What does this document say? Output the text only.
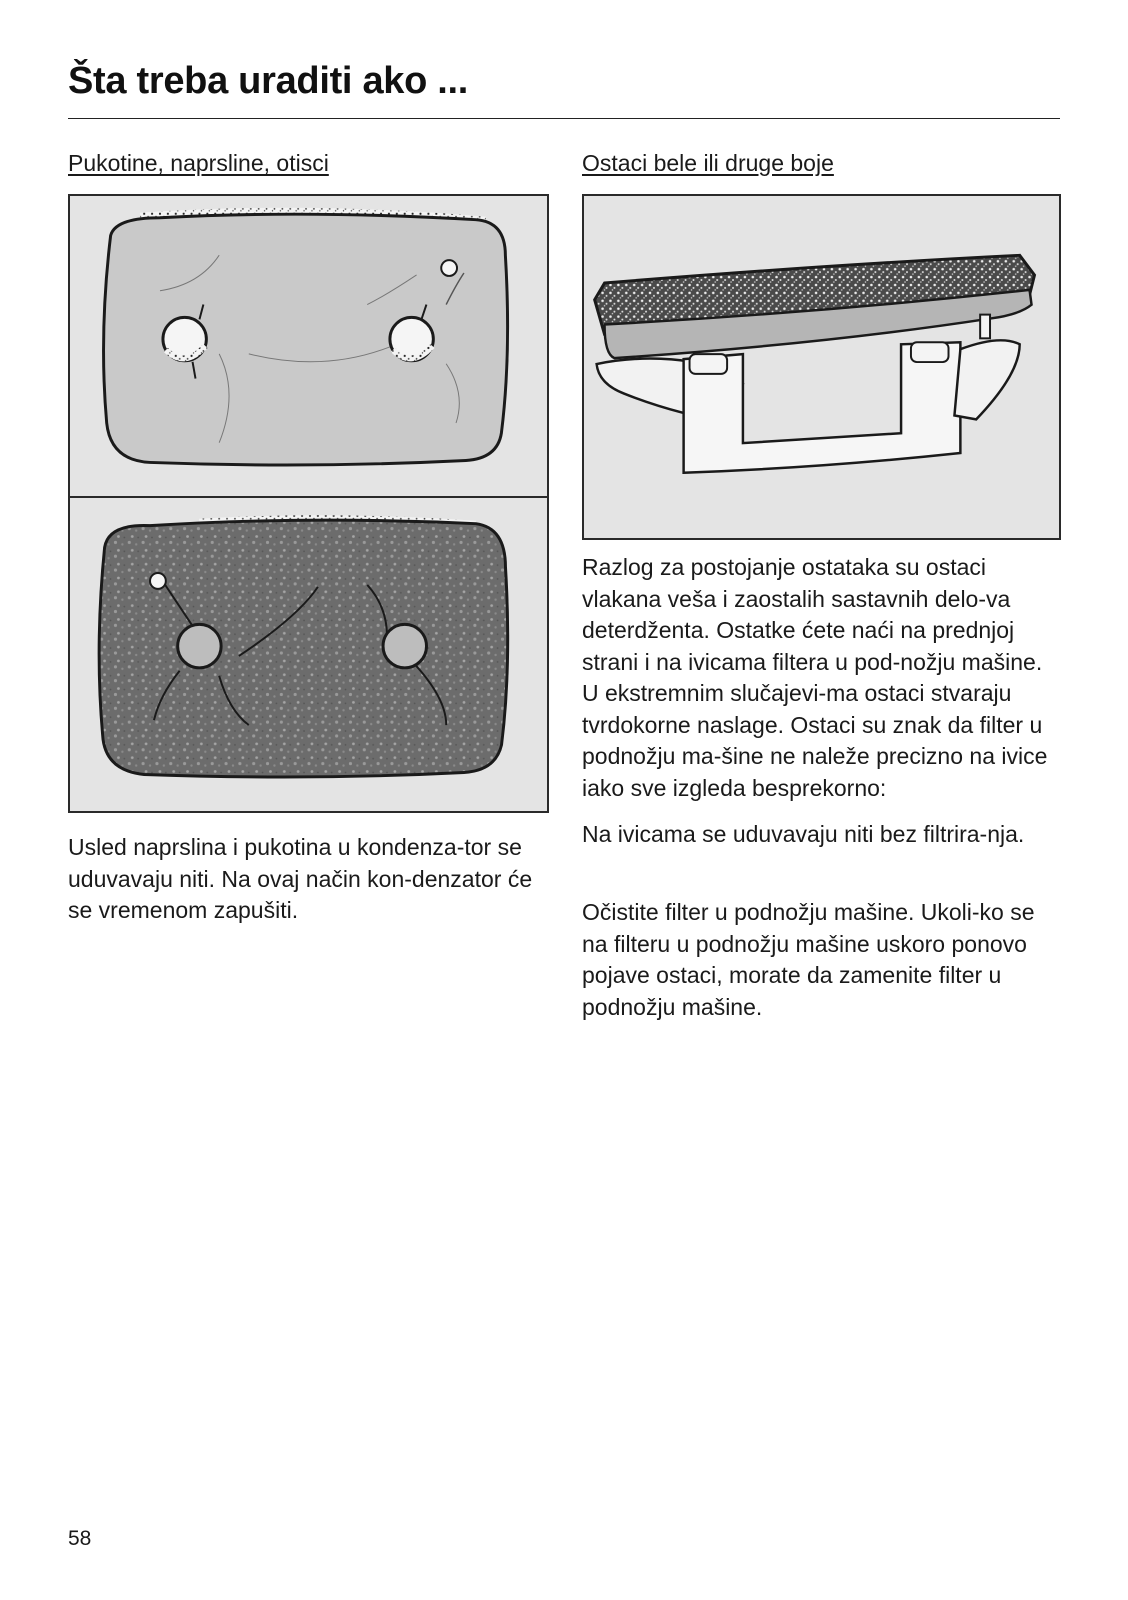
Šta treba uraditi ako ...
Pukotine, naprsline, otisci	Ostaci bele ili druge boje

Usled naprslina i pukotina u kondenza-tor se uduvavaju niti. Na ovaj način kon-denzator će se vremenom zapušiti.

Razlog za postojanje ostataka su ostaci vlakana veša i zaostalih sastavnih delo-va deterdženta. Ostatke ćete naći na prednjoj strani i na ivicama filtera u pod-nožju mašine. U ekstremnim slučajevi-ma ostaci stvaraju tvrdokorne naslage. Ostaci su znak da filter u podnožju ma-šine ne naleže precizno na ivice iako sve izgleda besprekorno:

Na ivicama se uduvavaju niti bez filtrira-nja.

Očistite filter u podnožju mašine. Ukoli-ko se na filteru u podnožju mašine uskoro ponovo pojave ostaci, morate da zamenite filter u podnožju mašine.

58
